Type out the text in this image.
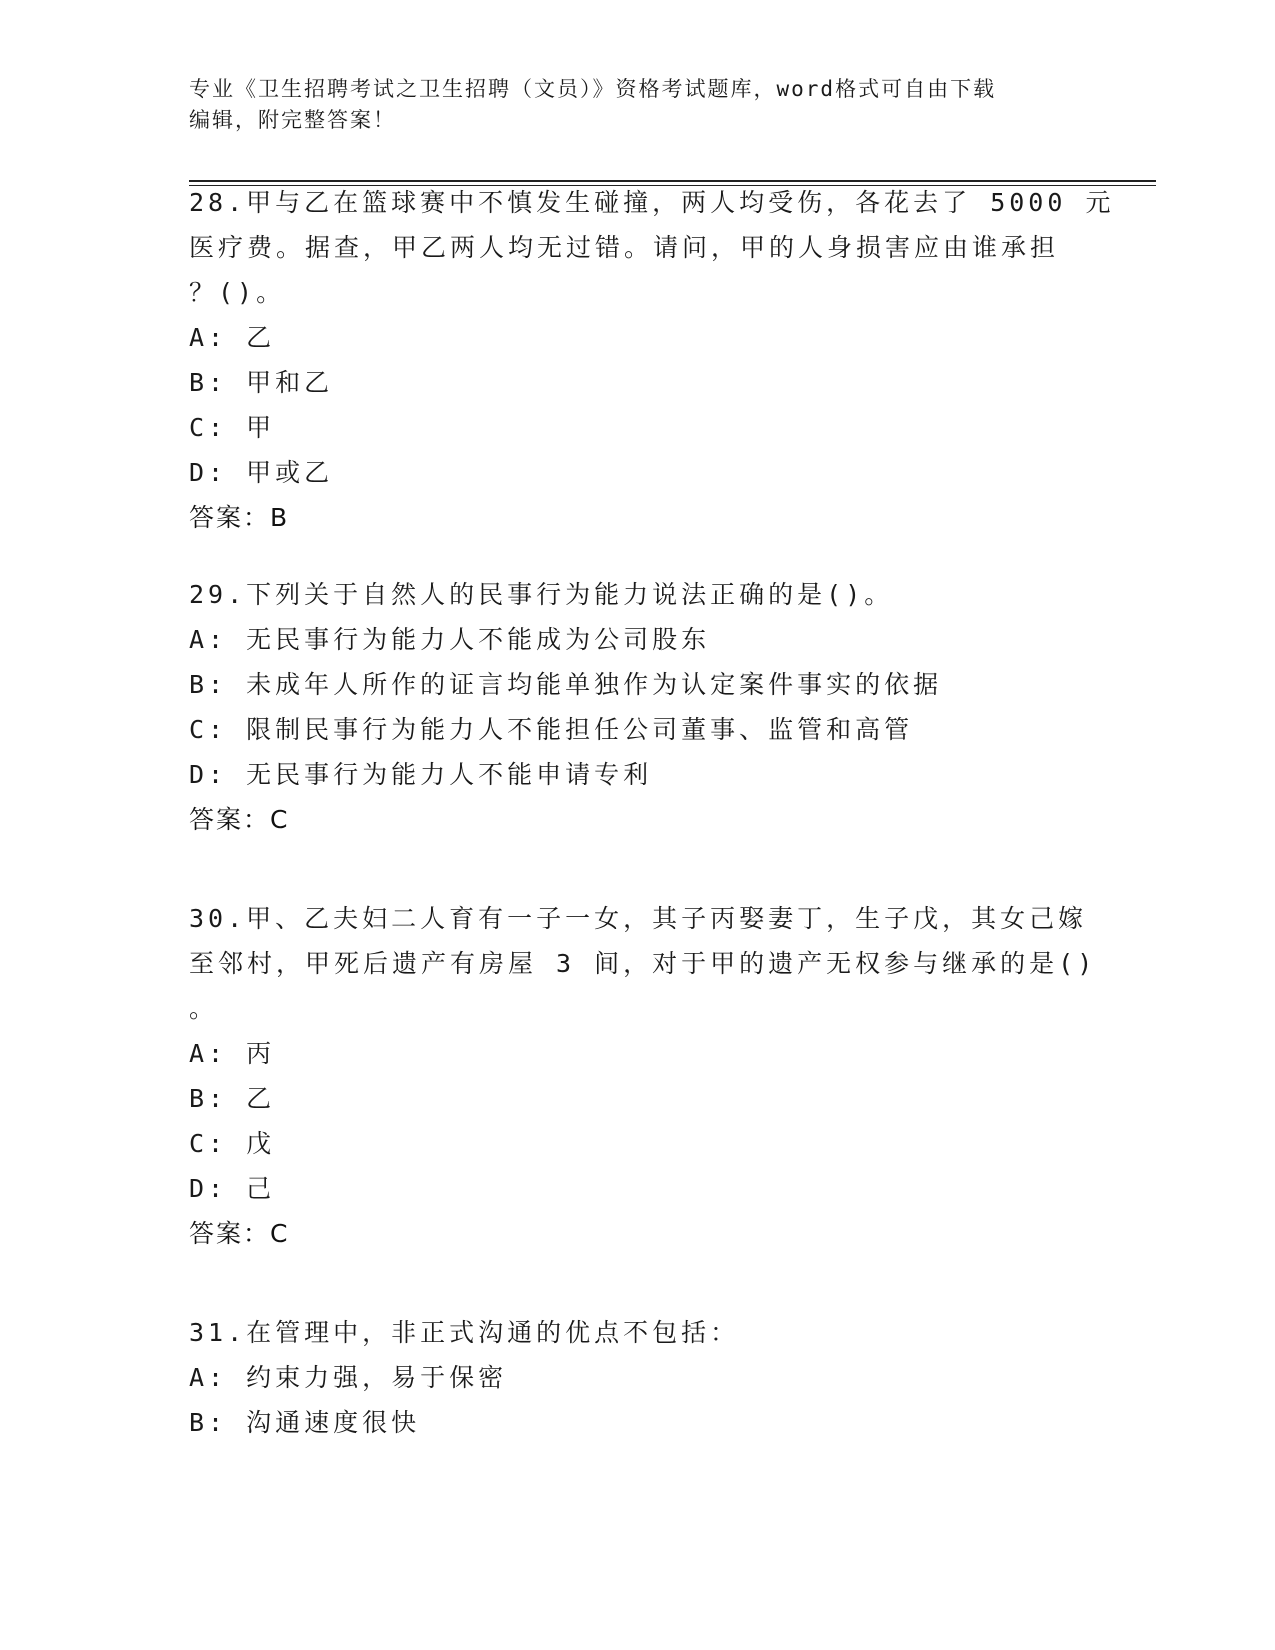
专业《卫生招聘考试之卫生招聘（文员）》资格考试题库，word格式可自由下载
编辑，附完整答案！
28.甲与乙在篮球赛中不慎发生碰撞，两人均受伤，各花去了 5000 元
医疗费。据查，甲乙两人均无过错。请问，甲的人身损害应由谁承担
？()。
A: 乙
B: 甲和乙
C: 甲
D: 甲或乙
答案：B
29.下列关于自然人的民事行为能力说法正确的是()。
A: 无民事行为能力人不能成为公司股东
B: 未成年人所作的证言均能单独作为认定案件事实的依据
C: 限制民事行为能力人不能担任公司董事、监管和高管
D: 无民事行为能力人不能申请专利
答案：C
30.甲、乙夫妇二人育有一子一女，其子丙娶妻丁，生子戊，其女己嫁
至邻村，甲死后遗产有房屋 3 间，对于甲的遗产无权参与继承的是()
。
A: 丙
B: 乙
C: 戊
D: 己
答案：C
31.在管理中，非正式沟通的优点不包括：
A: 约束力强，易于保密
B: 沟通速度很快
